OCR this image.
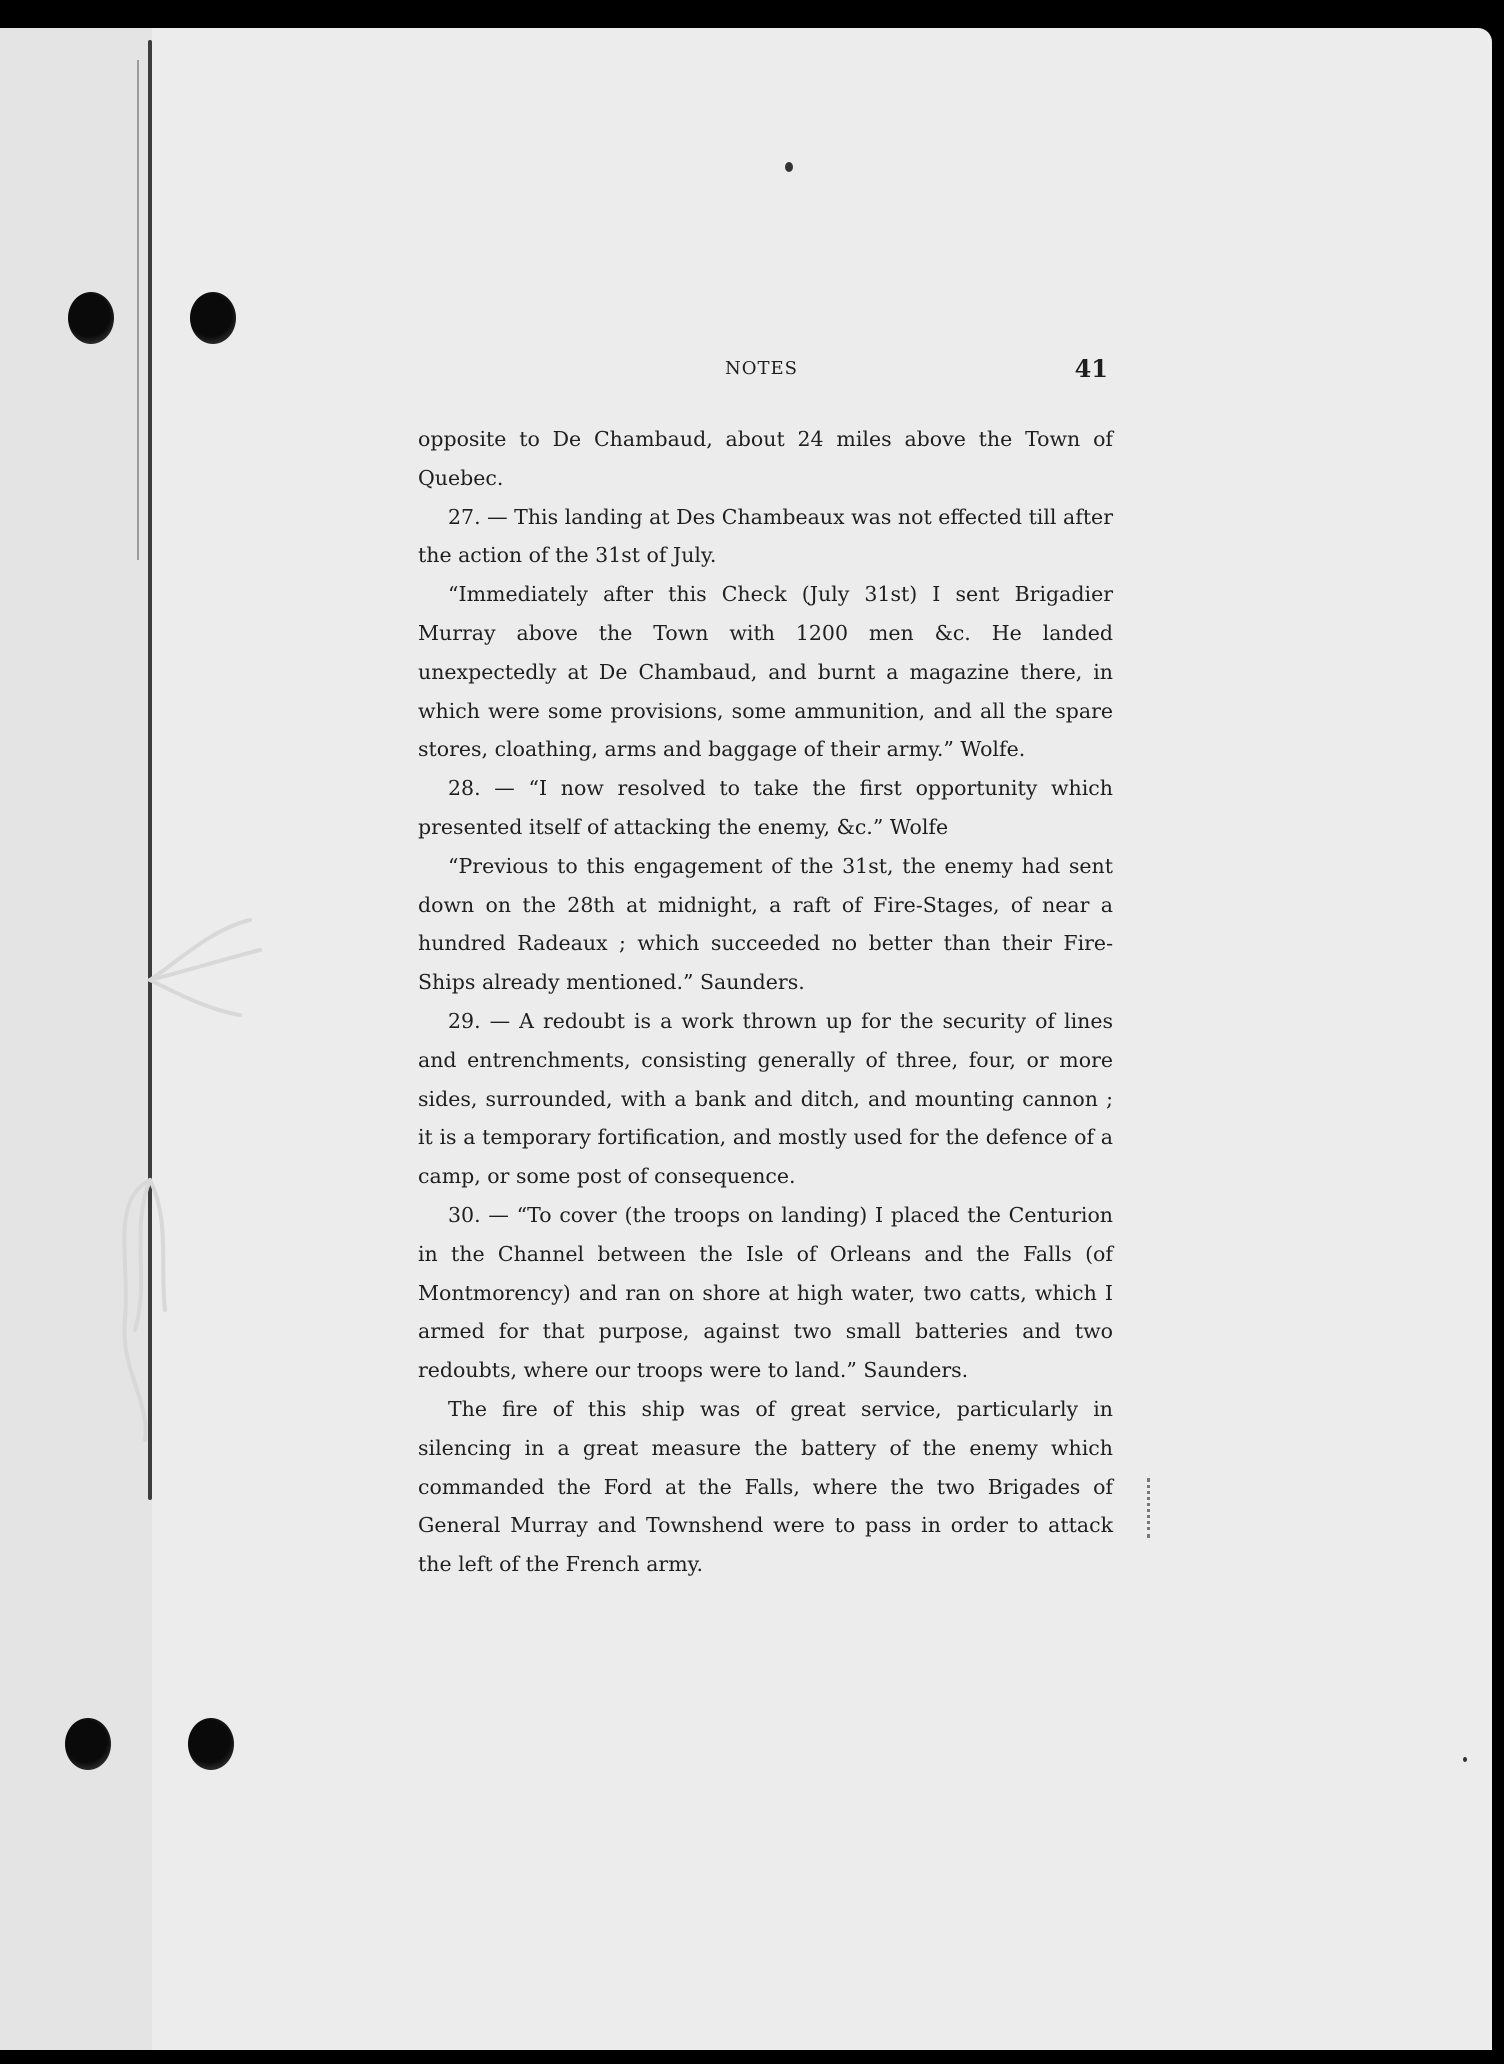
NOTES	41

opposite to De Chambaud, about 24 miles above the Town of Quebec.

27. — This landing at Des Chambeaux was not effected till after the action of the 31st of July.

“Immediately after this Check (July 31st) I sent Brigadier Murray above the Town with 1200 men &c. He landed unexpectedly at De Chambaud, and burnt a magazine there, in which were some provisions, some ammunition, and all the spare stores, cloathing, arms and baggage of their army.” Wolfe.

28. — “I now resolved to take the first opportunity which presented itself of attacking the enemy, &c.” Wolfe

“Previous to this engagement of the 31st, the enemy had sent down on the 28th at midnight, a raft of Fire-Stages, of near a hundred Radeaux ; which succeeded no better than their Fire-Ships already mentioned.” Saunders.

29. — A redoubt is a work thrown up for the security of lines and entrenchments, consisting generally of three, four, or more sides, surrounded, with a bank and ditch, and mounting cannon ; it is a temporary fortification, and mostly used for the defence of a camp, or some post of consequence.

30. — “To cover (the troops on landing) I placed the Centurion in the Channel between the Isle of Orleans and the Falls (of Montmorency) and ran on shore at high water, two catts, which I armed for that purpose, against two small batteries and two redoubts, where our troops were to land.” Saunders.

The fire of this ship was of great service, particularly in silencing in a great measure the battery of the enemy which commanded the Ford at the Falls, where the two Brigades of General Murray and Townshend were to pass in order to attack the left of the French army.
